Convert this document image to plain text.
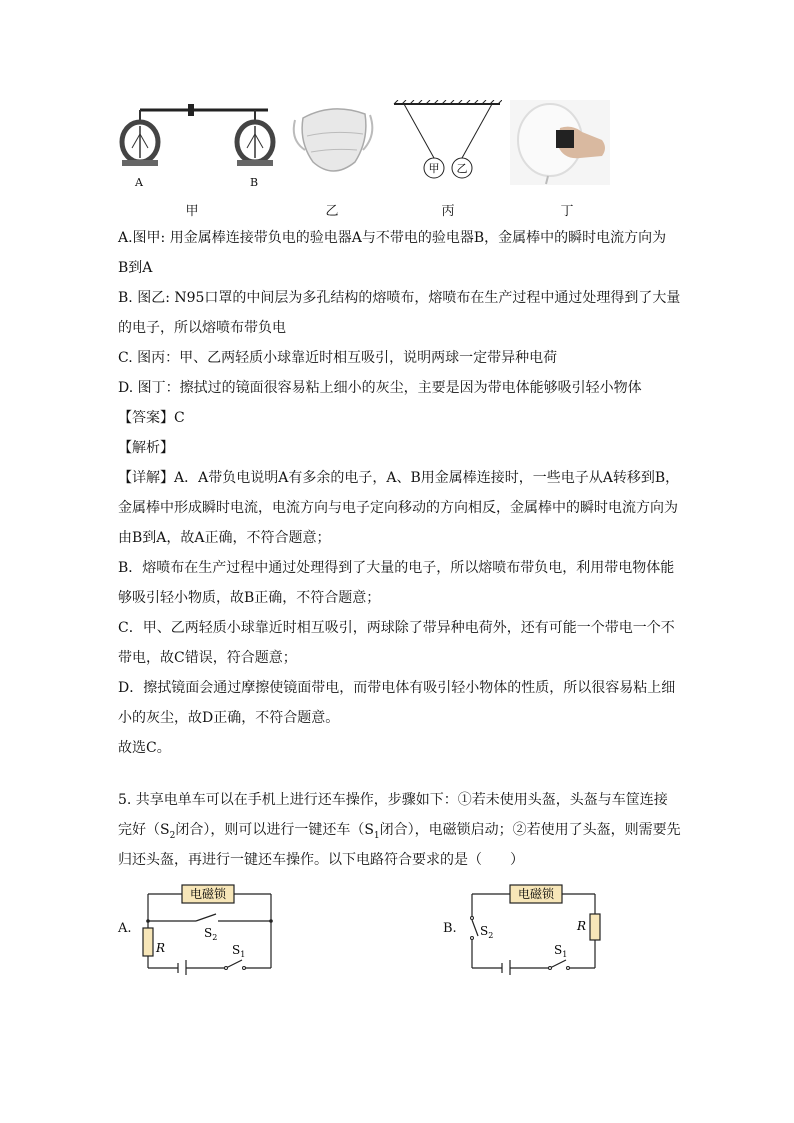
A	B
甲 乙
甲	乙	丙	丁
A.图甲: 用金属棒连接带负电的验电器A与不带电的验电器B，金属棒中的瞬时电流方向为
B到A
B. 图乙: N95口罩的中间层为多孔结构的熔喷布，熔喷布在生产过程中通过处理得到了大量
的电子，所以熔喷布带负电
C. 图丙：甲、乙两轻质小球靠近时相互吸引，说明两球一定带异种电荷
D. 图丁：擦拭过的镜面很容易粘上细小的灰尘，主要是因为带电体能够吸引轻小物体
【答案】C
【解析】
【详解】A．A带负电说明A有多余的电子，A、B用金属棒连接时，一些电子从A转移到B，
金属棒中形成瞬时电流，电流方向与电子定向移动的方向相反，金属棒中的瞬时电流方向为
由B到A，故A正确，不符合题意；
B．熔喷布在生产过程中通过处理得到了大量的电子，所以熔喷布带负电，利用带电物体能
够吸引轻小物质，故B正确，不符合题意；
C．甲、乙两轻质小球靠近时相互吸引，两球除了带异种电荷外，还有可能一个带电一个不
带电，故C错误，符合题意；
D．擦拭镜面会通过摩擦使镜面带电，而带电体有吸引轻小物体的性质，所以很容易粘上细
小的灰尘，故D正确，不符合题意。
故选C。
5. 共享电单车可以在手机上进行还车操作，步骤如下：①若未使用头盔，头盔与车筐连接
完好（$S_2$闭合），则可以进行一键还车（$S_1$闭合），电磁锁启动；②若使用了头盔，则需要先
归还头盔，再进行一键还车操作。以下电路符合要求的是（　　）
A.
电磁锁
R
$S_2$
$S_1$
B.
电磁锁
R
$S_2$
$S_1$
